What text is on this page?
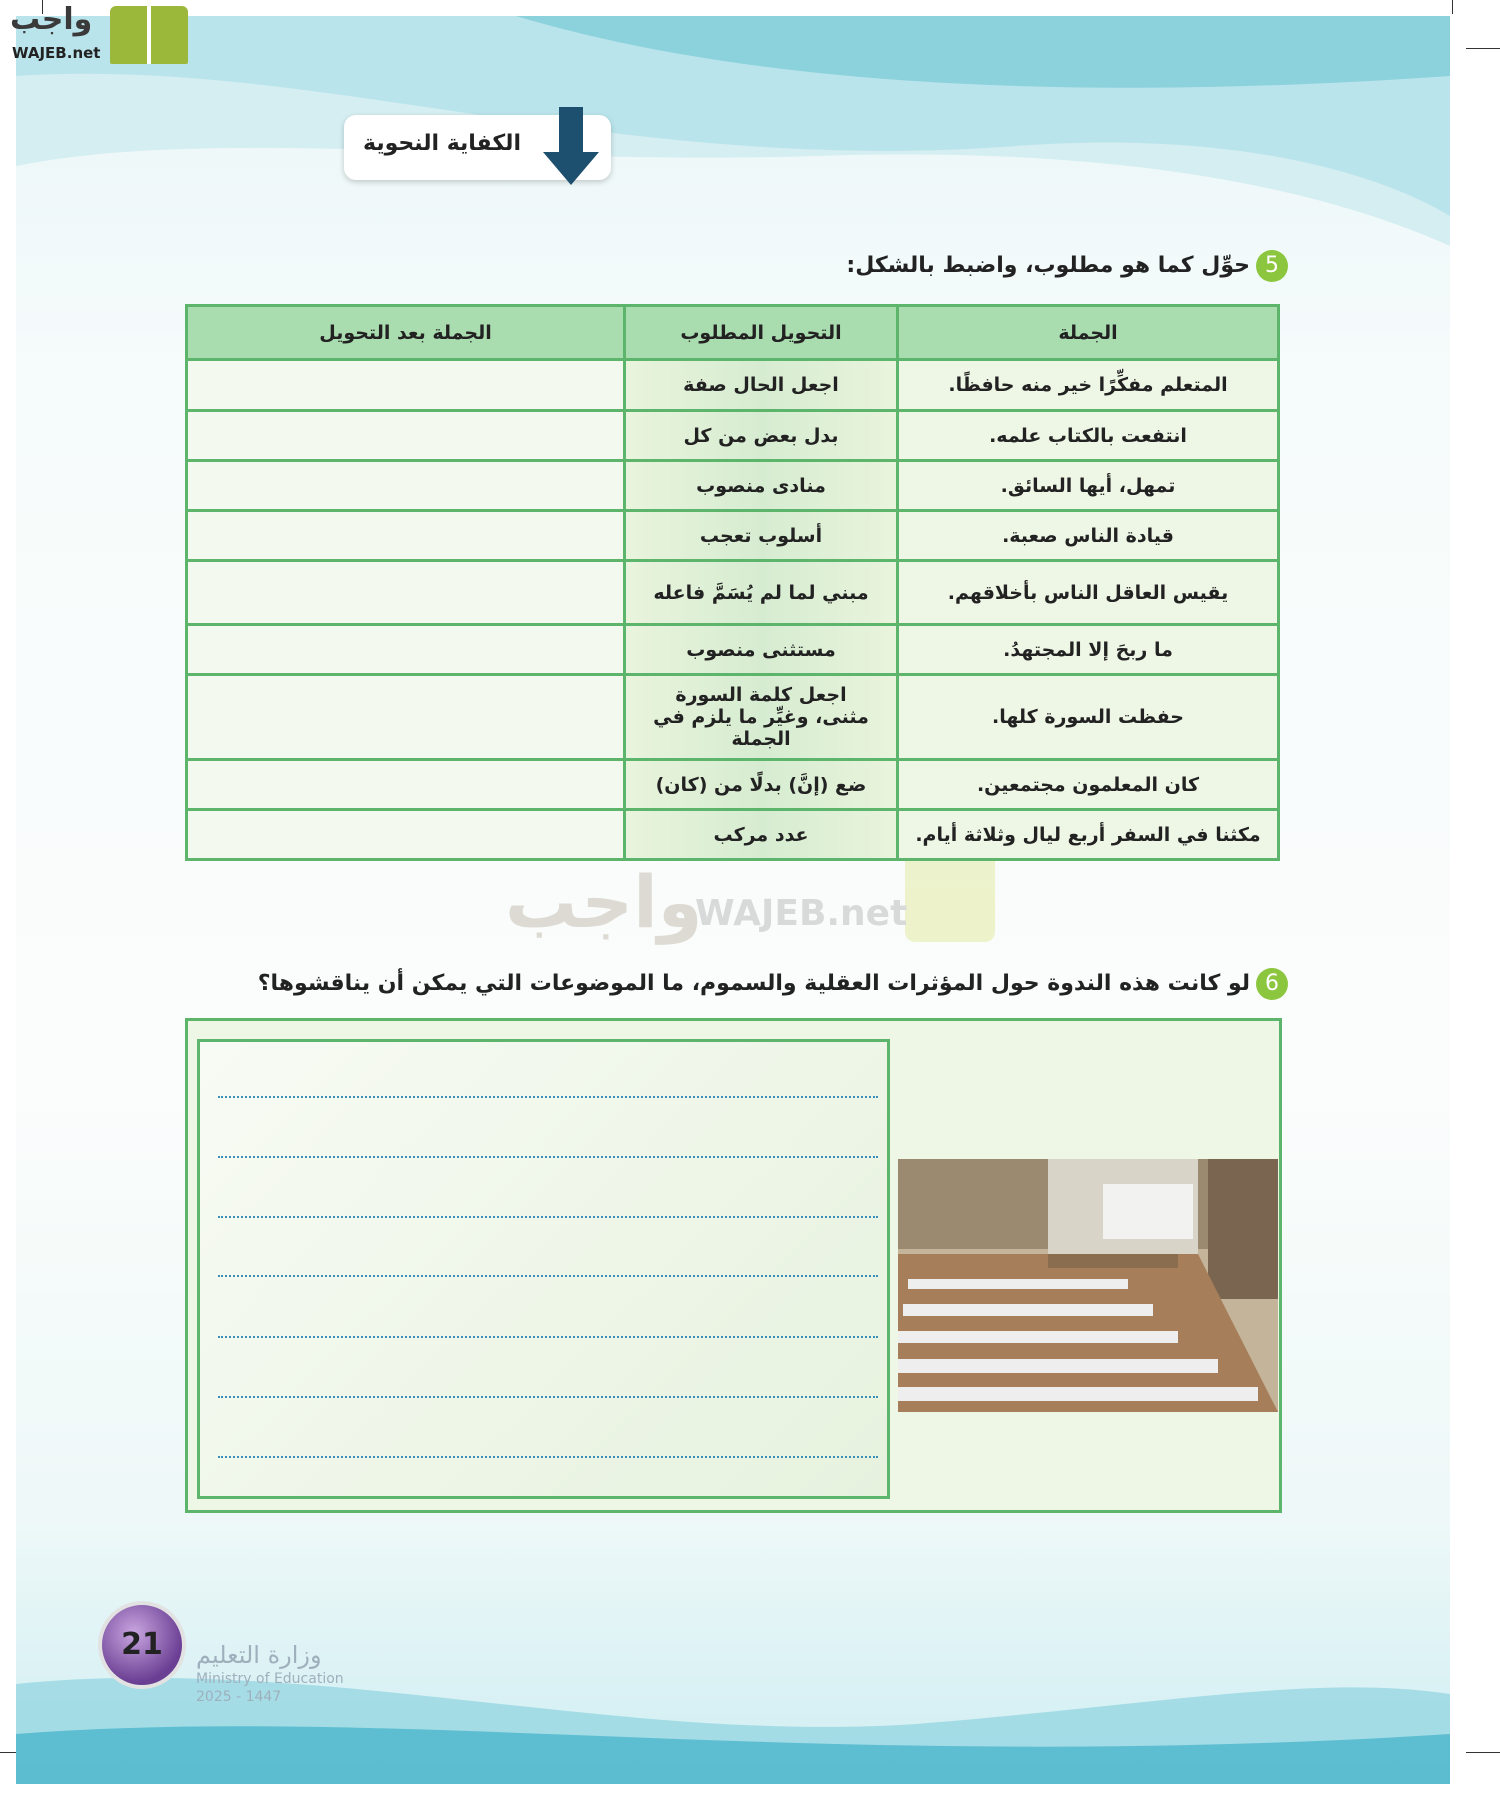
واجب
WAJEB.net
الكفاية النحوية
واجب
WAJEB.net
5حوِّل كما هو مطلوب، واضبط بالشكل:
الجملة	التحويل المطلوب	الجملة بعد التحويل
المتعلم مفكِّرًا خير منه حافظًا.	اجعل الحال صفة	
انتفعت بالكتاب علمه.	بدل بعض من كل	
تمهل، أيها السائق.	منادى منصوب	
قيادة الناس صعبة.	أسلوب تعجب	
يقيس العاقل الناس بأخلاقهم.	مبني لما لم يُسَمَّ فاعله	
ما ربحَ إلا المجتهدُ.	مستثنى منصوب	
حفظت السورة كلها.	اجعل كلمة السورة مثنى، وغيِّر ما يلزم في الجملة	
كان المعلمون مجتمعين.	ضع (إنَّ) بدلًا من (كان)	
مكثنا في السفر أربع ليال وثلاثة أيام.	عدد مركب	
6لو كانت هذه الندوة حول المؤثرات العقلية والسموم، ما الموضوعات التي يمكن أن يناقشوها؟
21	وزارة التعليم
Ministry of Education
2025 - 1447
